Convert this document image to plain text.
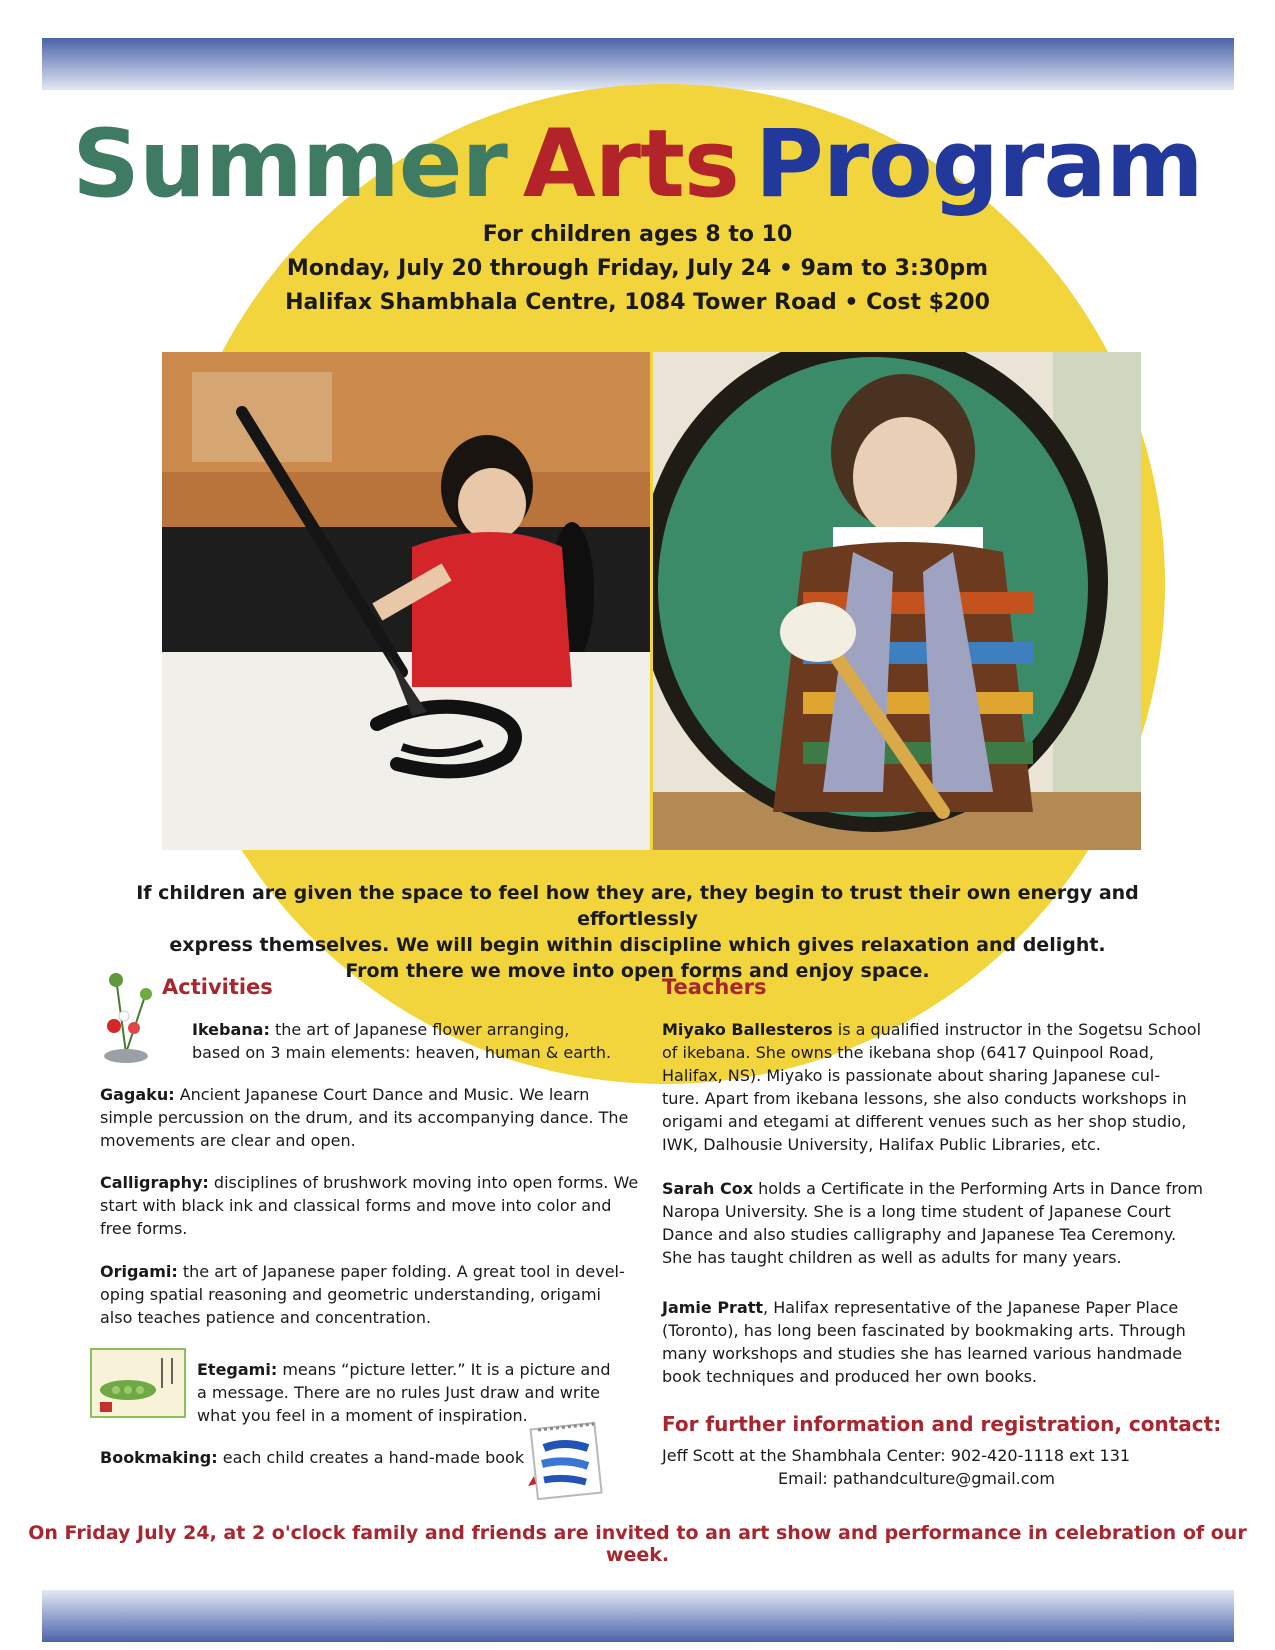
Summer Arts Program
For children ages 8 to 10
Monday, July 20 through Friday, July 24 • 9am to 3:30pm
Halifax Shambhala Centre, 1084 Tower Road • Cost $200
If children are given the space to feel how they are, they begin to trust their own energy and effortlessly
express themselves. We will begin within discipline which gives relaxation and delight.
From there we move into open forms and enjoy space.
Activities
Ikebana: the art of Japanese flower arranging,
based on 3 main elements: heaven, human & earth.
Gagaku: Ancient Japanese Court Dance and Music. We learn
simple percussion on the drum, and its accompanying dance. The
movements are clear and open.
Calligraphy: disciplines of brushwork moving into open forms. We
start with black ink and classical forms and move into color and
free forms.
Origami: the art of Japanese paper folding. A great tool in devel-
oping spatial reasoning and geometric understanding, origami
also teaches patience and concentration.
Etegami: means “picture letter.” It is a picture and
a message. There are no rules Just draw and write
what you feel in a moment of inspiration.
Bookmaking: each child creates a hand-made book
Teachers
Miyako Ballesteros is a qualified instructor in the Sogetsu School
of ikebana. She owns the ikebana shop (6417 Quinpool Road,
Halifax, NS). Miyako is passionate about sharing Japanese cul-
ture. Apart from ikebana lessons, she also conducts workshops in
origami and etegami at different venues such as her shop studio,
IWK, Dalhousie University, Halifax Public Libraries, etc.
Sarah Cox holds a Certificate in the Performing Arts in Dance from
Naropa University. She is a long time student of Japanese Court
Dance and also studies calligraphy and Japanese Tea Ceremony.
She has taught children as well as adults for many years.
Jamie Pratt, Halifax representative of the Japanese Paper Place
(Toronto), has long been fascinated by bookmaking arts. Through
many workshops and studies she has learned various handmade
book techniques and produced her own books.
For further information and registration, contact:
Jeff Scott at the Shambhala Center: 902-420-1118 ext 131
Email: pathandculture@gmail.com
On Friday July 24, at 2 o'clock family and friends are invited to an art show and performance in celebration of our week.
